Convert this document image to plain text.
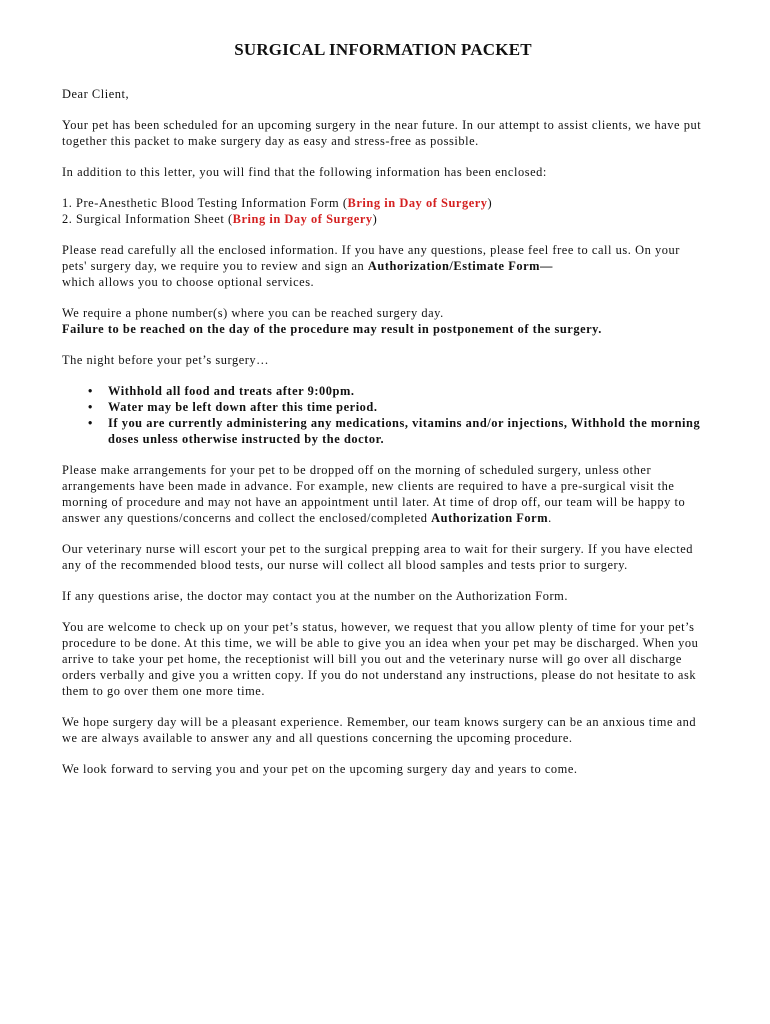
SURGICAL INFORMATION PACKET

Dear Client,

Your pet has been scheduled for an upcoming surgery in the near future. In our attempt to assist clients, we have put together this packet to make surgery day as easy and stress-free as possible.

In addition to this letter, you will find that the following information has been enclosed:

1. Pre-Anesthetic Blood Testing Information Form (Bring in Day of Surgery)

2. Surgical Information Sheet (Bring in Day of Surgery)

Please read carefully all the enclosed information. If you have any questions, please feel free to call us. On your pets' surgery day, we require you to review and sign an Authorization/Estimate Form—
which allows you to choose optional services.

We require a phone number(s) where you can be reached surgery day.

Failure to be reached on the day of the procedure may result in postponement of the surgery.

The night before your pet’s surgery…

• Withhold all food and treats after 9:00pm.
• Water may be left down after this time period.
• If you are currently administering any medications, vitamins and/or injections, Withhold the morning doses unless otherwise instructed by the doctor.

Please make arrangements for your pet to be dropped off on the morning of scheduled surgery, unless other arrangements have been made in advance. For example, new clients are required to have a pre-surgical visit the morning of procedure and may not have an appointment until later. At time of drop off, our team will be happy to answer any questions/concerns and collect the enclosed/completed Authorization Form.

Our veterinary nurse will escort your pet to the surgical prepping area to wait for their surgery. If you have elected any of the recommended blood tests, our nurse will collect all blood samples and tests prior to surgery.

If any questions arise, the doctor may contact you at the number on the Authorization Form.

You are welcome to check up on your pet’s status, however, we request that you allow plenty of time for your pet’s procedure to be done. At this time, we will be able to give you an idea when your pet may be discharged. When you arrive to take your pet home, the receptionist will bill you out and the veterinary nurse will go over all discharge orders verbally and give you a written copy. If you do not understand any instructions, please do not hesitate to ask them to go over them one more time.

We hope surgery day will be a pleasant experience. Remember, our team knows surgery can be an anxious time and we are always available to answer any and all questions concerning the upcoming procedure.

We look forward to serving you and your pet on the upcoming surgery day and years to come.
